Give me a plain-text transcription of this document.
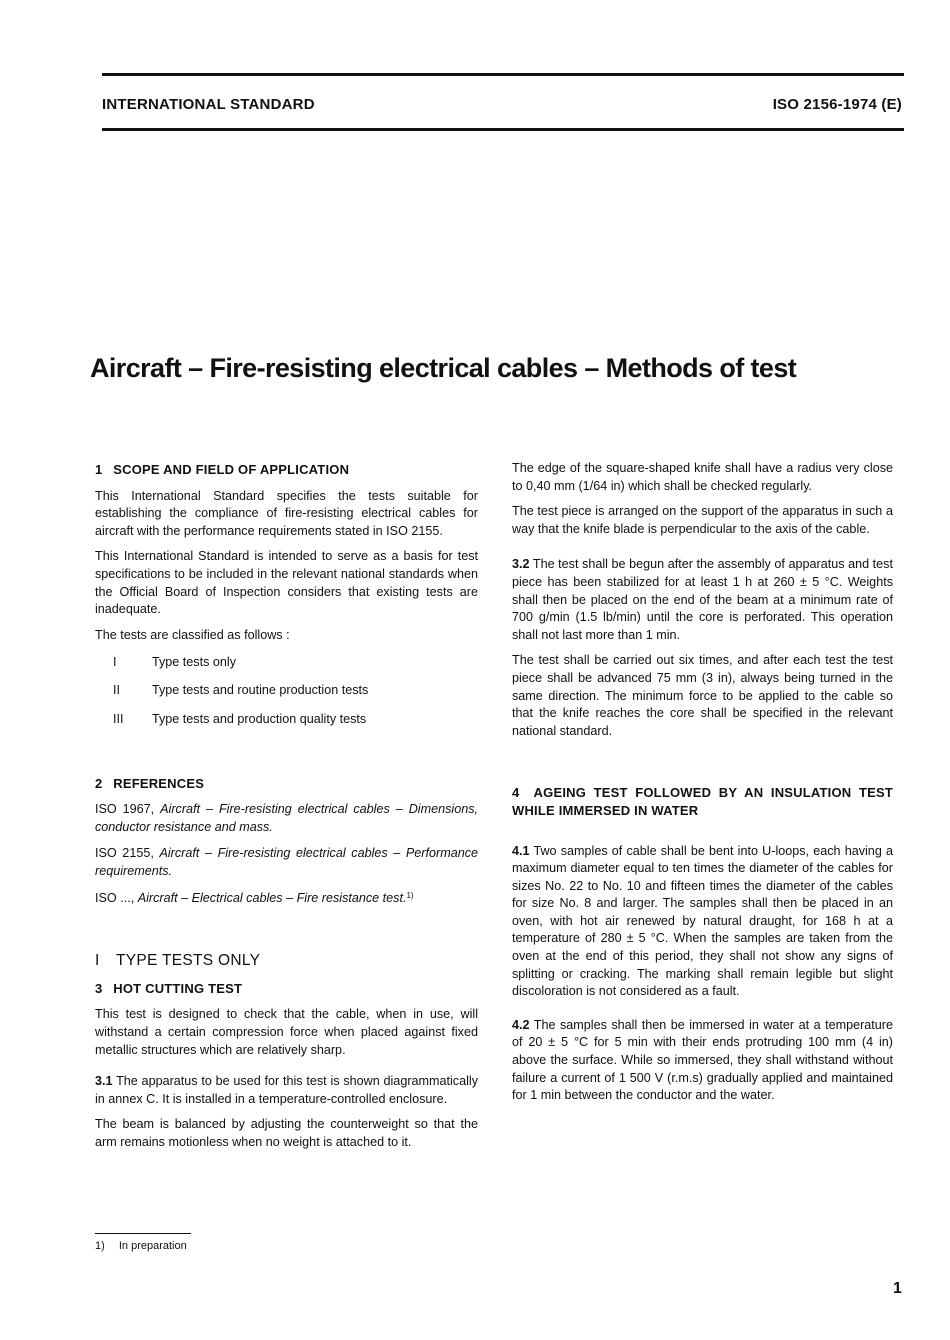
INTERNATIONAL STANDARD	ISO 2156-1974 (E)
Aircraft – Fire-resisting electrical cables – Methods of test
1 SCOPE AND FIELD OF APPLICATION

This International Standard specifies the tests suitable for establishing the compliance of fire-resisting electrical cables for aircraft with the performance requirements stated in ISO 2155.

This International Standard is intended to serve as a basis for test specifications to be included in the relevant national standards when the Official Board of Inspection considers that existing tests are inadequate.

The tests are classified as follows :

I	Type tests only
II	Type tests and routine production tests
III	Type tests and production quality tests
2 REFERENCES

ISO 1967, Aircraft – Fire-resisting electrical cables – Dimensions, conductor resistance and mass.

ISO 2155, Aircraft – Fire-resisting electrical cables – Performance requirements.

ISO ..., Aircraft – Electrical cables – Fire resistance test.$^{1)}$

I TYPE TESTS ONLY
3 HOT CUTTING TEST

This test is designed to check that the cable, when in use, will withstand a certain compression force when placed against fixed metallic structures which are relatively sharp.

3.1 The apparatus to be used for this test is shown diagrammatically in annex C. It is installed in a temperature-controlled enclosure.

The beam is balanced by adjusting the counterweight so that the arm remains motionless when no weight is attached to it.

The edge of the square-shaped knife shall have a radius very close to 0,40 mm (1/64 in) which shall be checked regularly.

The test piece is arranged on the support of the apparatus in such a way that the knife blade is perpendicular to the axis of the cable.

3.2 The test shall be begun after the assembly of apparatus and test piece has been stabilized for at least 1 h at 260 ± 5 °C. Weights shall then be placed on the end of the beam at a minimum rate of 700 g/min (1.5 lb/min) until the core is perforated. This operation shall not last more than 1 min.

The test shall be carried out six times, and after each test the test piece shall be advanced 75 mm (3 in), always being turned in the same direction. The minimum force to be applied to the cable so that the knife reaches the core shall be specified in the relevant national standard.

4 AGEING TEST FOLLOWED BY AN INSULATION TEST WHILE IMMERSED IN WATER

4.1 Two samples of cable shall be bent into U-loops, each having a maximum diameter equal to ten times the diameter of the cables for sizes No. 22 to No. 10 and fifteen times the diameter of the cables for size No. 8 and larger. The samples shall then be placed in an oven, with hot air renewed by natural draught, for 168 h at a temperature of 280 ± 5 °C. When the samples are taken from the oven at the end of this period, they shall not show any signs of splitting or cracking. The marking shall remain legible but slight discoloration is not considered as a fault.

4.2 The samples shall then be immersed in water at a temperature of 20 ± 5 °C for 5 min with their ends protruding 100 mm (4 in) above the surface. While so immersed, they shall withstand without failure a current of 1 500 V (r.m.s) gradually applied and maintained for 1 min between the conductor and the water.

1) In preparation
1
